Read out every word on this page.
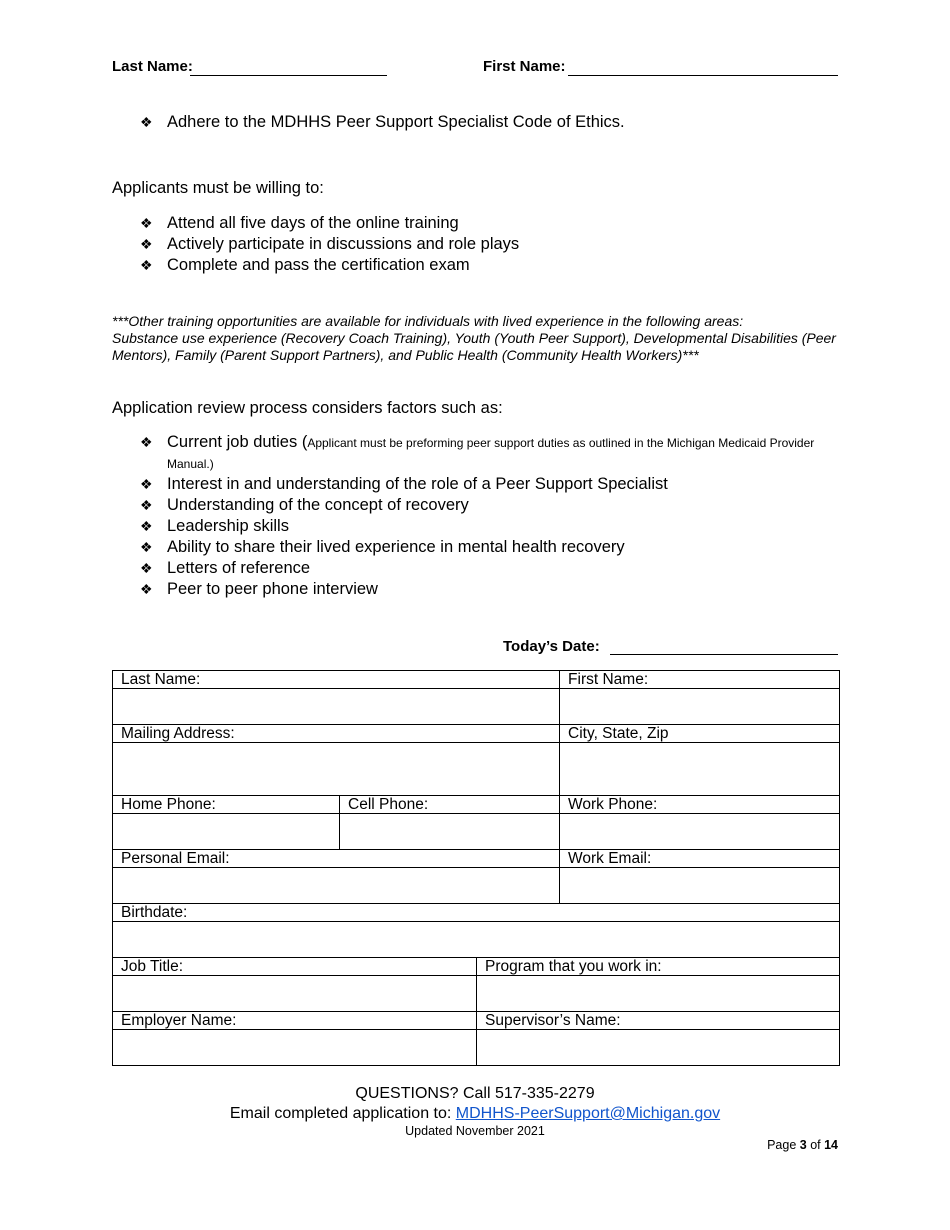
Last Name:	First Name:
❖ Adhere to the MDHHS Peer Support Specialist Code of Ethics.
Applicants must be willing to:
❖ Attend all five days of the online training
❖ Actively participate in discussions and role plays
❖ Complete and pass the certification exam
***Other training opportunities are available for individuals with lived experience in the following areas:
Substance use experience (Recovery Coach Training), Youth (Youth Peer Support), Developmental Disabilities (Peer Mentors), Family (Parent Support Partners), and Public Health (Community Health Workers)***
Application review process considers factors such as:
❖ Current job duties (Applicant must be preforming peer support duties as outlined in the Michigan Medicaid Provider Manual.)
❖ Interest in and understanding of the role of a Peer Support Specialist
❖ Understanding of the concept of recovery
❖ Leadership skills
❖ Ability to share their lived experience in mental health recovery
❖ Letters of reference
❖ Peer to peer phone interview
Today’s Date:
Last Name:			First Name:

Mailing Address:			City, State, Zip

Home Phone:	Cell Phone:		Work Phone:

Personal Email:			Work Email:

Birthdate:			

Job Title:		Program that you work in:	

Employer Name:		Supervisor’s Name:	

QUESTIONS? Call 517-335-2279
Email completed application to: MDHHS-PeerSupport@Michigan.gov
Updated November 2021
Page 3 of 14
